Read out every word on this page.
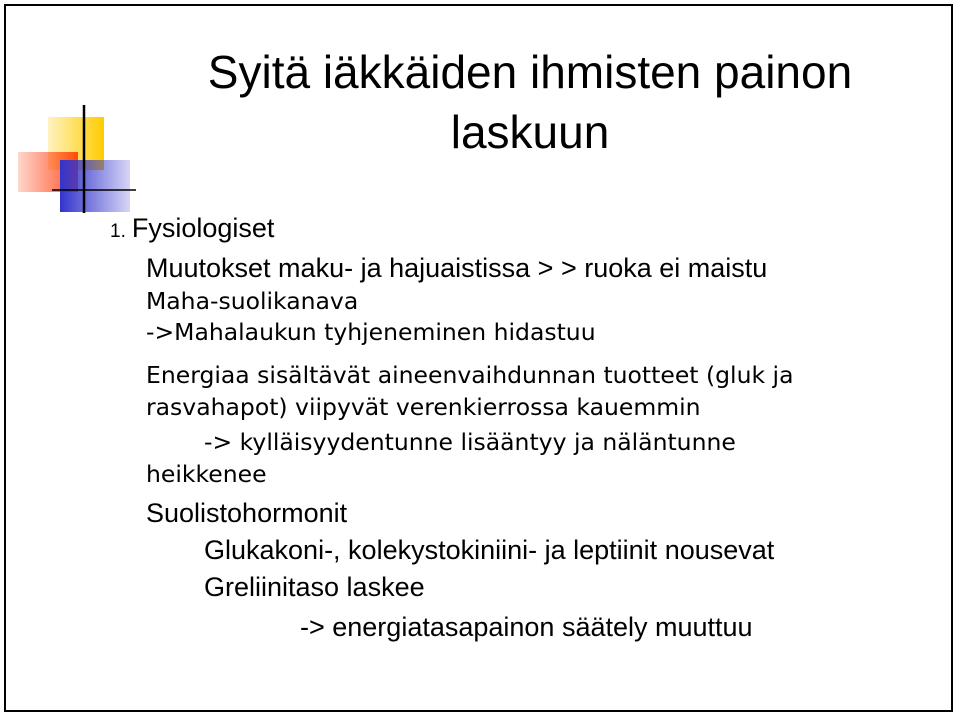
Syitä iäkkäiden ihmisten painon
laskuun
1. Fysiologiset
Muutokset maku- ja hajuaistissa > > ruoka ei maistu
Maha-suolikanava
->Mahalaukun tyhjeneminen hidastuu
Energiaa sisältävät aineenvaihdunnan tuotteet (gluk ja
rasvahapot) viipyvät verenkierrossa kauemmin
-> kylläisyydentunne lisääntyy ja näläntunne
heikkenee
Suolistohormonit
Glukakoni-, kolekystokiniini- ja leptiinit nousevat
Greliinitaso laskee
-> energiatasapainon säätely muuttuu
